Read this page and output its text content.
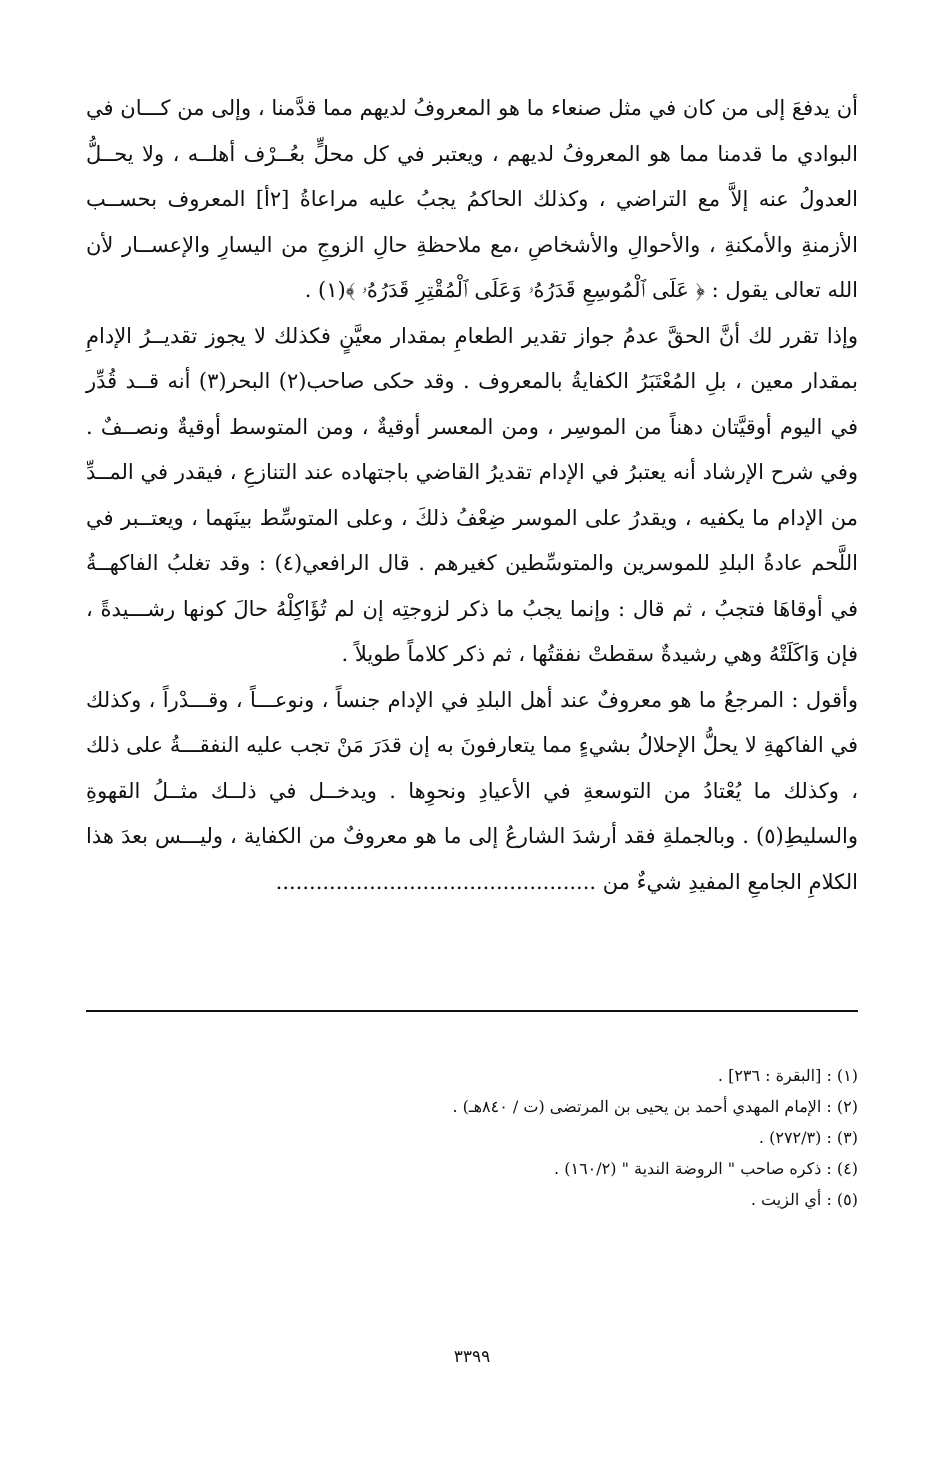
أن يدفعَ إلى من كان في مثل صنعاء ما هو المعروفُ لديهم مما قدَّمنا ، وإلى من كـــان في البوادي ما قدمنا مما هو المعروفُ لديهم ، ويعتبر في كل محلٍّ بعُــرْف أهلــه ، ولا يحــلُّ العدولُ عنه إلاَّ مع التراضي ، وكذلك الحاكمُ يجبُ عليه مراعاةُ [٢أ] المعروف بحســب الأزمنةِ والأمكنةِ ، والأحوالِ والأشخاصِ ،مع ملاحظةِ حالِ الزوجِ من اليسارِ والإعســار لأن الله تعالى يقول : ﴿ عَلَى ٱلْمُوسِعِ قَدَرُهُۥ وَعَلَى ٱلْمُقْتِرِ قَدَرُهُۥ ﴾(١) .

وإذا تقرر لك أنَّ الحقَّ عدمُ جواز تقدير الطعامِ بمقدار معيَّنٍ فكذلك لا يجوز تقديــرُ الإدامِ بمقدار معين ، بلِ المُعْتَبَرُ الكفايةُ بالمعروف . وقد حكى صاحب(٢) البحر(٣) أنه قــد قُدِّر في اليوم أوقيَّتان دهناً من الموسِر ، ومن المعسر أوقيةٌ ، ومن المتوسط أوقيةٌ ونصــفٌ . وفي شرح الإرشاد أنه يعتبرُ في الإدام تقديرُ القاضي باجتهاده عند التنازعِ ، فيقدر في المــدِّ من الإدام ما يكفيه ، ويقدرُ على الموسر ضِعْفُ ذلكَ ، وعلى المتوسِّط بينَهما ، ويعتــبر في اللَّحم عادةُ البلدِ للموسرين والمتوسِّطين كغيرهم . قال الرافعي(٤) : وقد تغلبُ الفاكهــةُ في أوقاهَا فتجبُ ، ثم قال : وإنما يجبُ ما ذكر لزوجتِه إن لم تُؤَاكِلْهُ حالَ كونها رشـــيدةً ، فإن وَاكَلَتْهُ وهي رشيدةٌ سقطتْ نفقتُها ، ثم ذكر كلاماً طويلاً .

وأقول : المرجعُ ما هو معروفٌ عند أهل البلدِ في الإدام جنساً ، ونوعـــاً ، وقـــدْراً ، وكذلك في الفاكهةِ لا يحلُّ الإحلالُ بشيءٍ مما يتعارفونَ به إن قدَرَ مَنْ تجب عليه النفقـــةُ على ذلك ، وكذلك ما يُعْتادُ من التوسعةِ في الأعيادِ ونحوِها . ويدخــل في ذلــك مثــلُ القهوةِ والسليطِ(٥) . وبالجملةِ فقد أرشدَ الشارعُ إلى ما هو معروفٌ من الكفاية ، وليـــس بعدَ هذا الكلامِ الجامعِ المفيدِ شيءٌ من ................................................

(١) : [البقرة : ٢٣٦] .
(٢) : الإمام المهدي أحمد بن يحيى بن المرتضى (ت / ٨٤٠هـ) .
(٣) : (٢٧٢/٣) .
(٤) : ذكره صاحب " الروضة الندية " (١٦٠/٢) .
(٥) : أي الزيت .
٣٣٩٩
